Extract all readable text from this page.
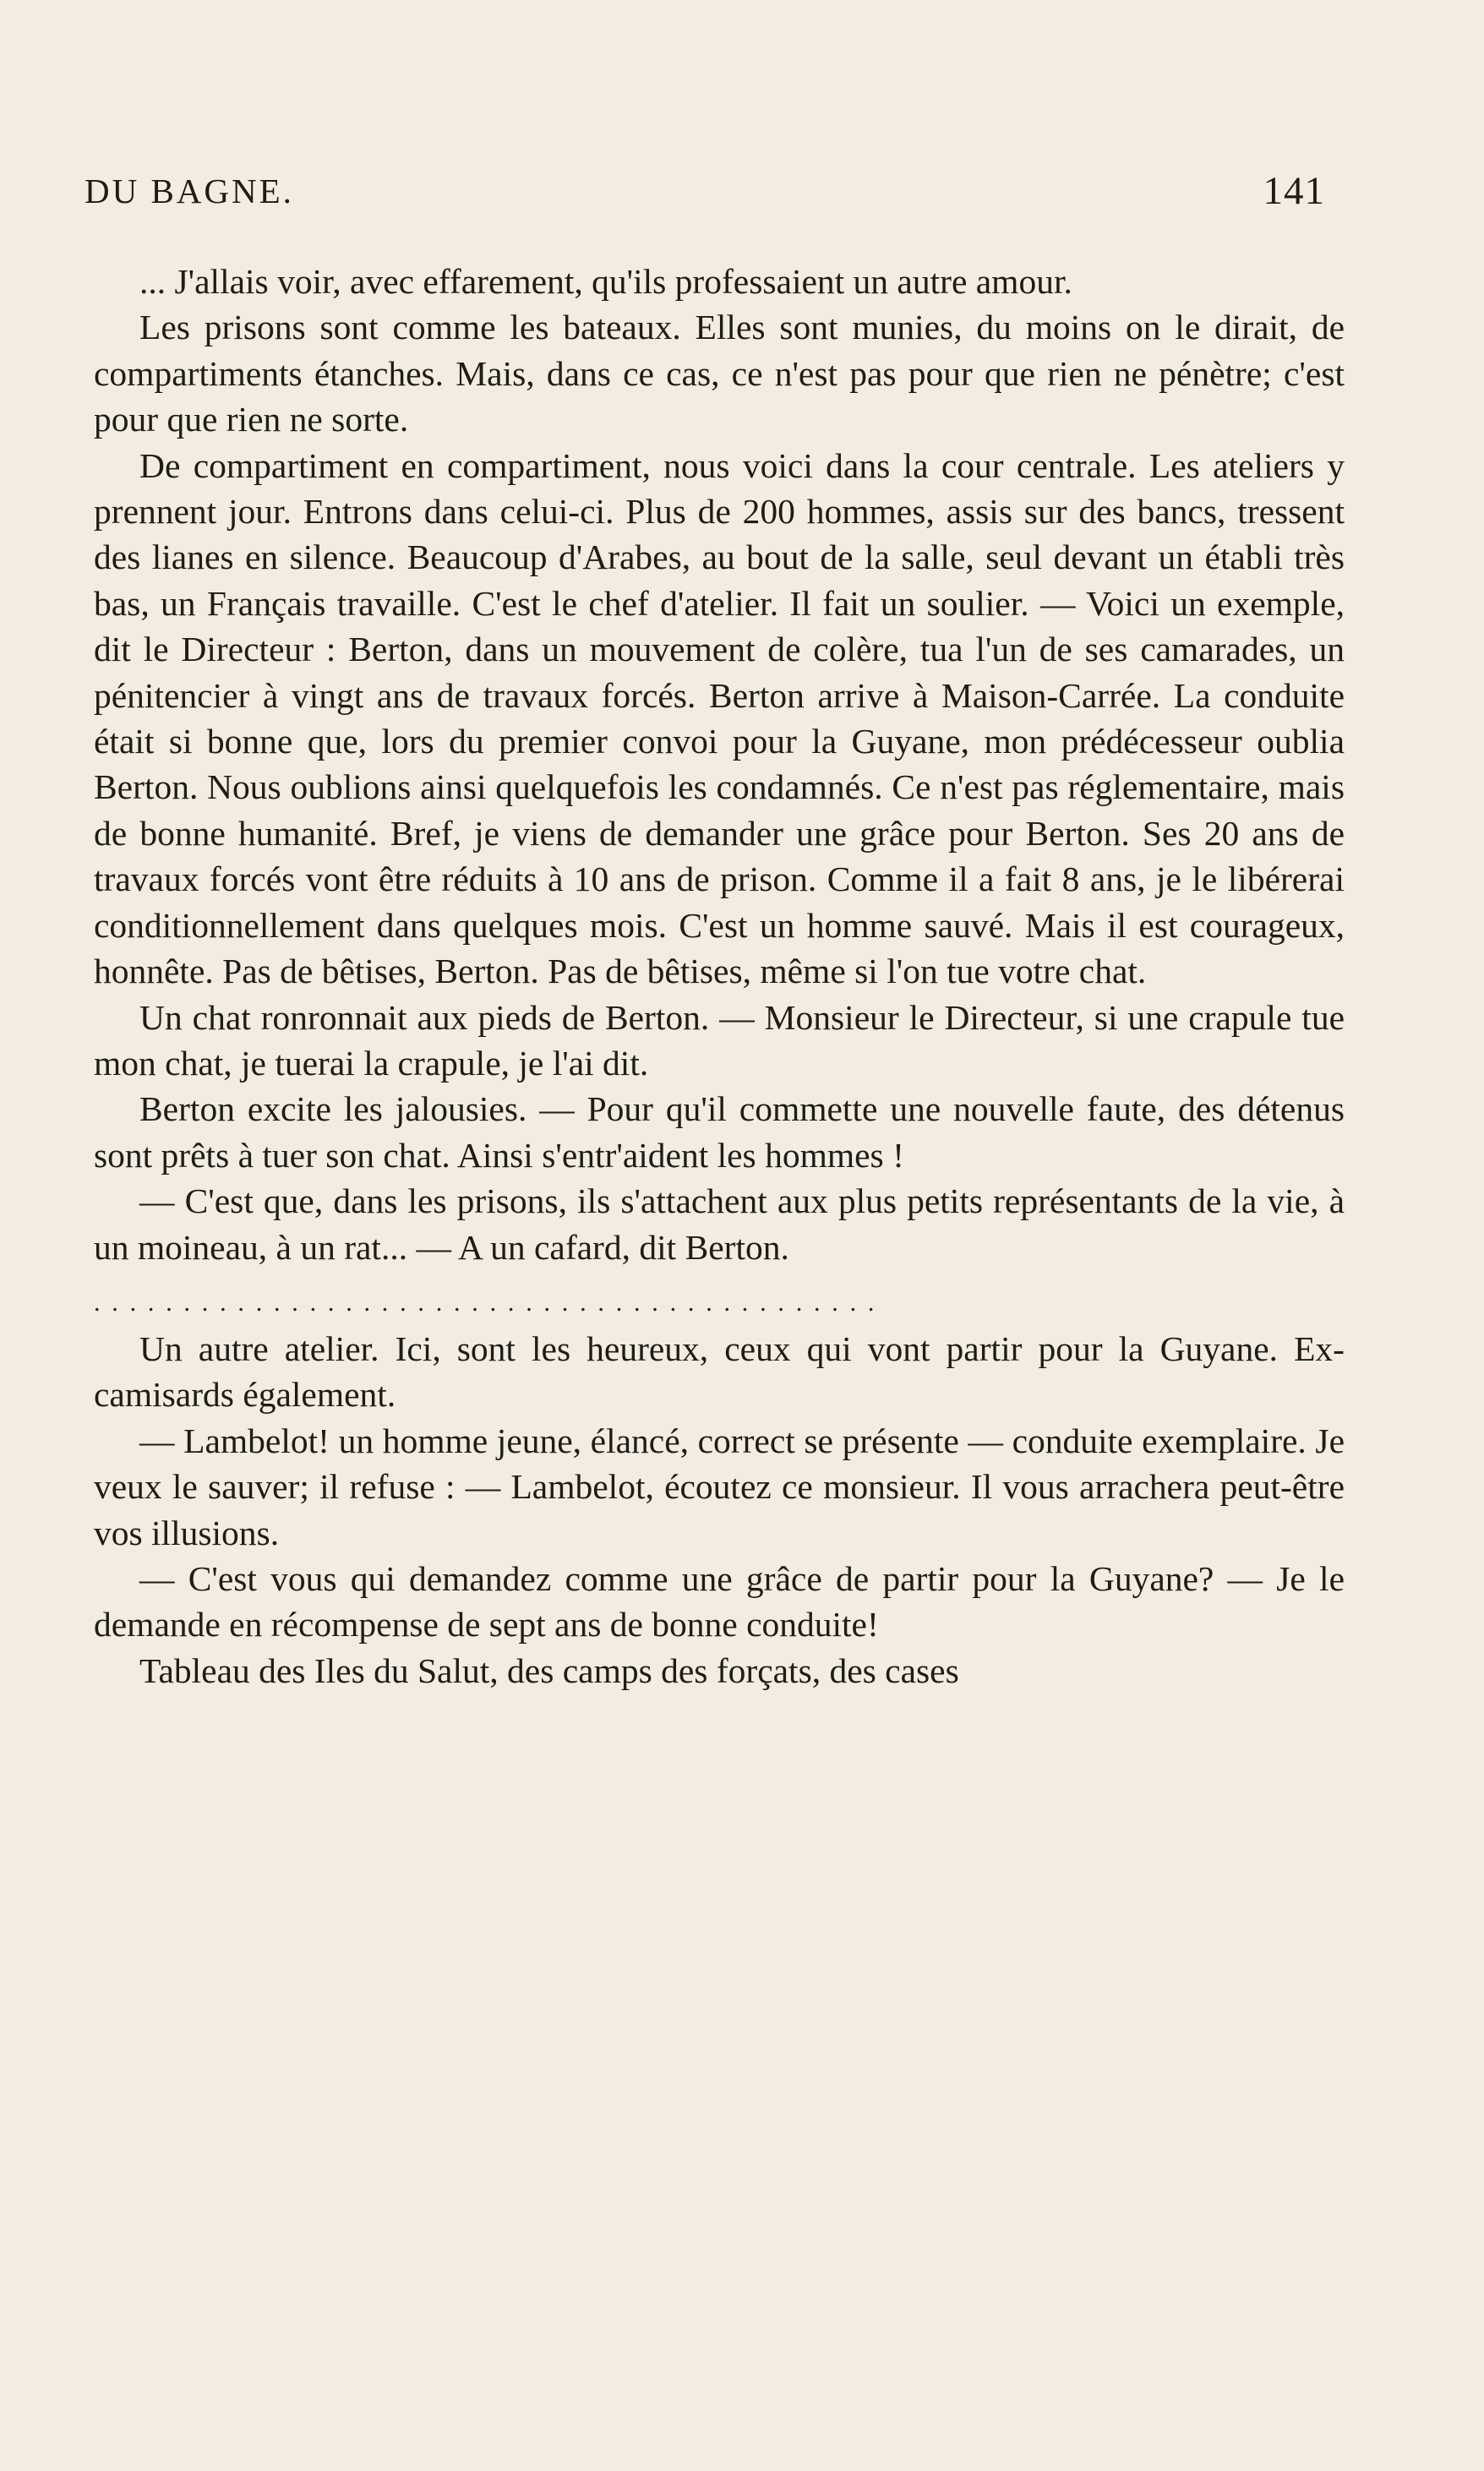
DU BAGNE.	141

... J'allais voir, avec effarement, qu'ils professaient un autre amour.

Les prisons sont comme les bateaux. Elles sont munies, du moins on le dirait, de compartiments étanches. Mais, dans ce cas, ce n'est pas pour que rien ne pénètre; c'est pour que rien ne sorte.

De compartiment en compartiment, nous voici dans la cour centrale. Les ateliers y prennent jour. Entrons dans celui-ci. Plus de 200 hommes, assis sur des bancs, tressent des lianes en silence. Beaucoup d'Arabes, au bout de la salle, seul devant un établi très bas, un Français travaille. C'est le chef d'atelier. Il fait un soulier. — Voici un exemple, dit le Directeur : Berton, dans un mouvement de colère, tua l'un de ses camarades, un pénitencier à vingt ans de travaux forcés. Berton arrive à Maison-Carrée. La conduite était si bonne que, lors du premier convoi pour la Guyane, mon prédécesseur oublia Berton. Nous oublions ainsi quelquefois les condamnés. Ce n'est pas réglementaire, mais de bonne humanité. Bref, je viens de demander une grâce pour Berton. Ses 20 ans de travaux forcés vont être réduits à 10 ans de prison. Comme il a fait 8 ans, je le libérerai conditionnellement dans quelques mois. C'est un homme sauvé. Mais il est courageux, honnête. Pas de bêtises, Berton. Pas de bêtises, même si l'on tue votre chat.

Un chat ronronnait aux pieds de Berton. — Monsieur le Directeur, si une crapule tue mon chat, je tuerai la crapule, je l'ai dit.

Berton excite les jalousies. — Pour qu'il commette une nouvelle faute, des détenus sont prêts à tuer son chat. Ainsi s'entr'aident les hommes !

— C'est que, dans les prisons, ils s'attachent aux plus petits représentants de la vie, à un moineau, à un rat... — A un cafard, dit Berton.

............................................

Un autre atelier. Ici, sont les heureux, ceux qui vont partir pour la Guyane. Ex-camisards également.

— Lambelot! un homme jeune, élancé, correct se présente — conduite exemplaire. Je veux le sauver; il refuse : — Lambelot, écoutez ce monsieur. Il vous arrachera peut-être vos illusions.

— C'est vous qui demandez comme une grâce de partir pour la Guyane? — Je le demande en récompense de sept ans de bonne conduite!

Tableau des Iles du Salut, des camps des forçats, des cases
